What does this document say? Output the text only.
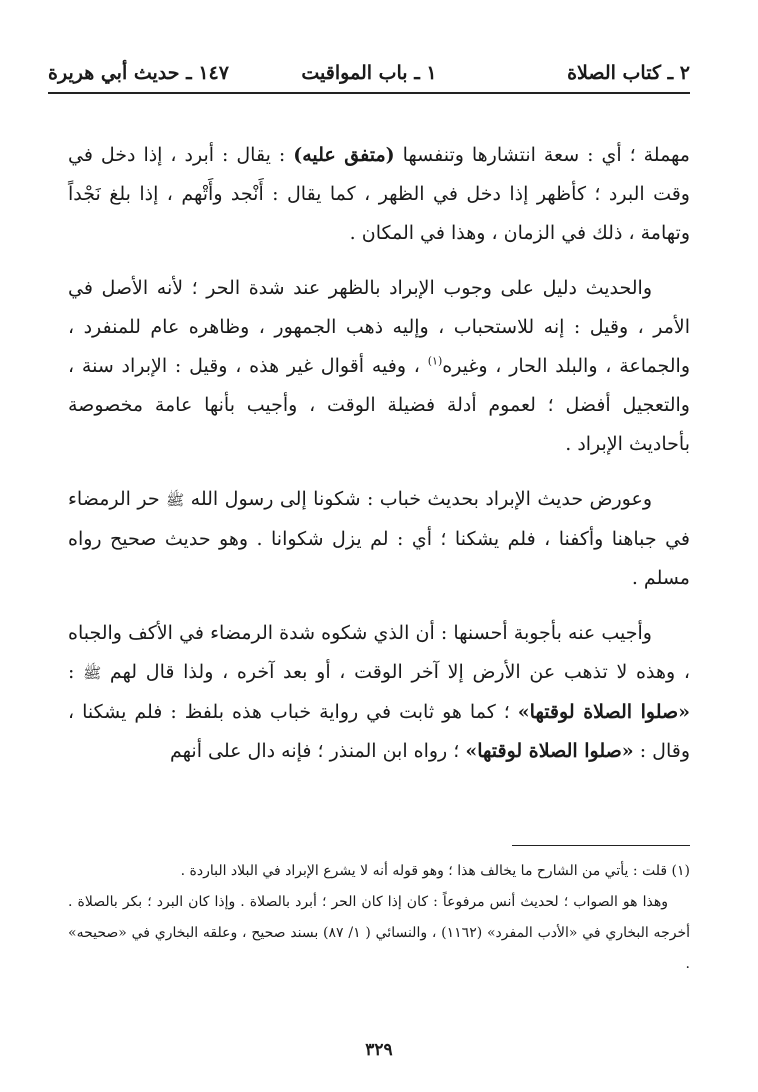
٢ ـ كتاب الصلاة
١ ـ باب المواقيت
١٤٧ ـ حديث أبي هريرة

مهملة ؛ أي : سعة انتشارها وتنفسها (متفق عليه) : يقال : أبرد ، إذا دخل في وقت البرد ؛ كأظهر إذا دخل في الظهر ، كما يقال : أَنْجد وأَتْهم ، إذا بلغ نَجْداً وتهامة ، ذلك في الزمان ، وهذا في المكان .

والحديث دليل على وجوب الإبراد بالظهر عند شدة الحر ؛ لأنه الأصل في الأمر ، وقيل : إنه للاستحباب ، وإليه ذهب الجمهور ، وظاهره عام للمنفرد ، والجماعة ، والبلد الحار ، وغيره$^{(١)}$ ، وفيه أقوال غير هذه ، وقيل : الإبراد سنة ، والتعجيل أفضل ؛ لعموم أدلة فضيلة الوقت ، وأجيب بأنها عامة مخصوصة بأحاديث الإبراد .

وعورض حديث الإبراد بحديث خباب : شكونا إلى رسول الله ﷺ حر الرمضاء في جباهنا وأكفنا ، فلم يشكنا ؛ أي : لم يزل شكوانا . وهو حديث صحيح رواه مسلم .

وأجيب عنه بأجوبة أحسنها : أن الذي شكوه شدة الرمضاء في الأكف والجباه ، وهذه لا تذهب عن الأرض إلا آخر الوقت ، أو بعد آخره ، ولذا قال لهم ﷺ : «صلوا الصلاة لوقتها» ؛ كما هو ثابت في رواية خباب هذه بلفظ : فلم يشكنا ، وقال : «صلوا الصلاة لوقتها» ؛ رواه ابن المنذر ؛ فإنه دال على أنهم

(١) قلت : يأتي من الشارح ما يخالف هذا ؛ وهو قوله أنه لا يشرع الإبراد في البلاد الباردة .

وهذا هو الصواب ؛ لحديث أنس مرفوعاً : كان إذا كان الحر ؛ أبرد بالصلاة . وإذا كان البرد ؛ بكر بالصلاة . أخرجه البخاري في «الأدب المفرد» (١١٦٢) ، والنسائي ( ١/ ٨٧) بسند صحيح ، وعلقه البخاري في «صحيحه» .

٣٢٩
